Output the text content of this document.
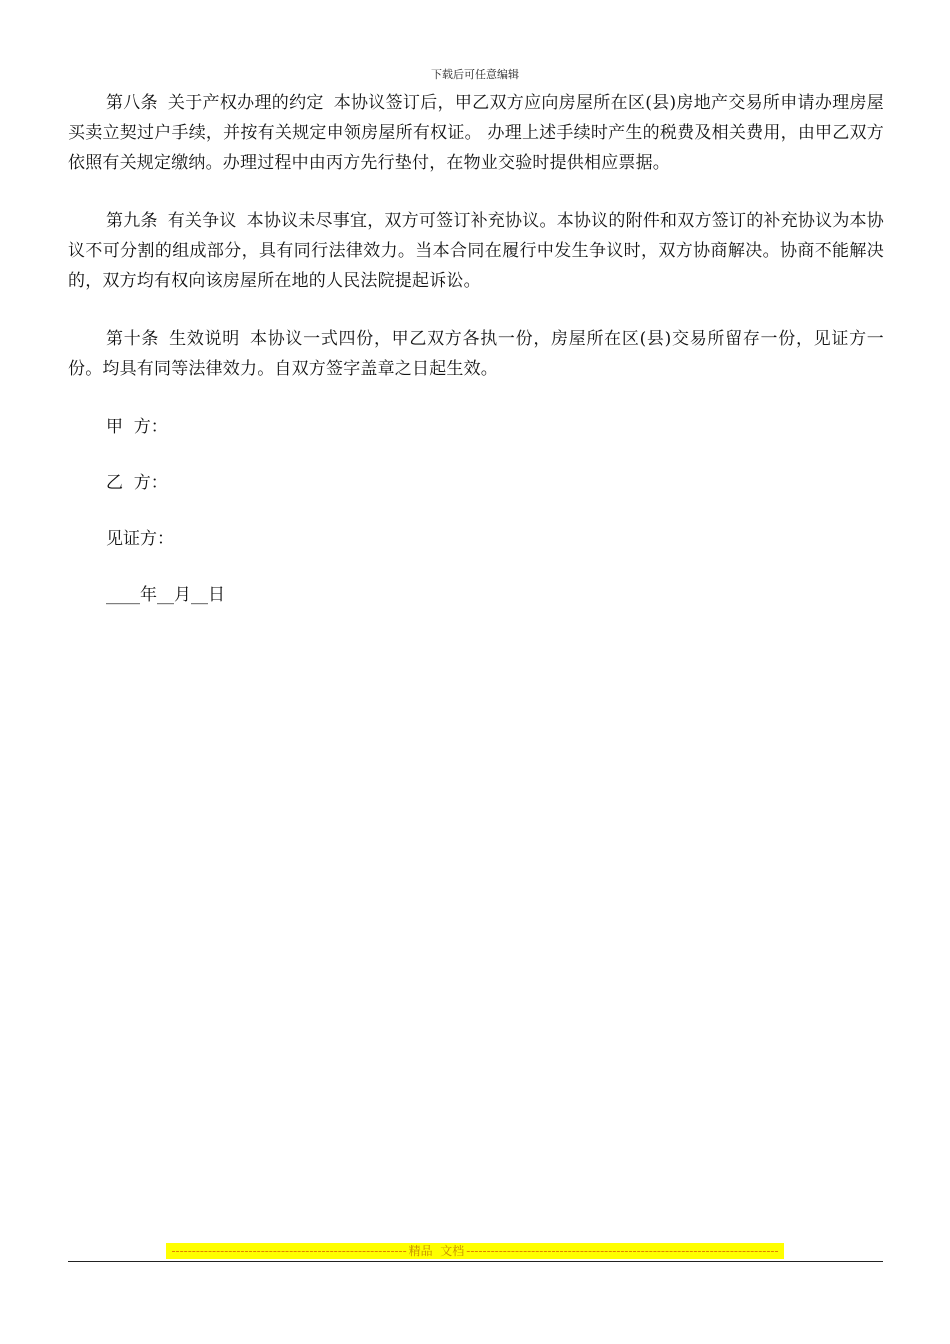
下载后可任意编辑

第八条 关于产权办理的约定 本协议签订后，甲乙双方应向房屋所在区(县)房地产交易所申请办理房屋买卖立契过户手续，并按有关规定申领房屋所有权证。 办理上述手续时产生的税费及相关费用，由甲乙双方依照有关规定缴纳。办理过程中由丙方先行垫付，在物业交验时提供相应票据。

第九条 有关争议 本协议未尽事宜，双方可签订补充协议。本协议的附件和双方签订的补充协议为本协议不可分割的组成部分，具有同行法律效力。当本合同在履行中发生争议时，双方协商解决。协商不能解决的，双方均有权向该房屋所在地的人民法院提起诉讼。

第十条 生效说明 本协议一式四份，甲乙双方各执一份，房屋所在区(县)交易所留存一份，见证方一份。均具有同等法律效力。自双方签字盖章之日起生效。

甲  方：
乙  方：
见证方：
____年__月__日
---------------------------------------------------------- 精品  文档 -----------------------------------------------------------------------------
